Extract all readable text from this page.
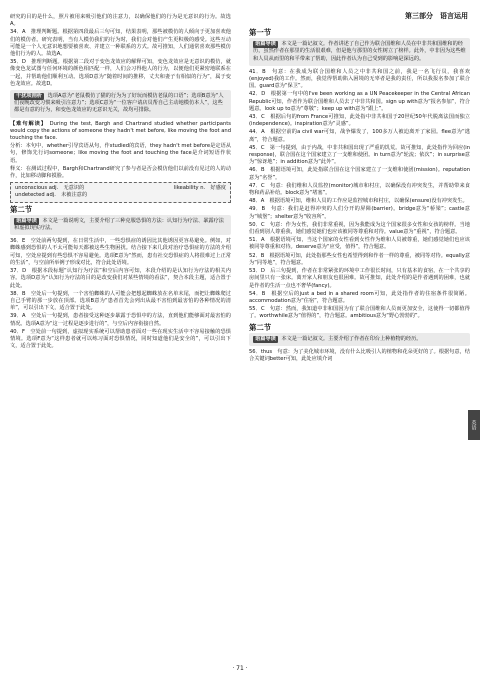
第三部分　语言运用

研究的目的是什么，照片被用来吸引他们的注意力，以确保他们的行为是无意识的行为。故选A。

34．A　推理判断题。根据第四段最后三句可知，结果表明，那些被模仿的人倾向于更加喜欢他们的模仿者。研究表明，当有人模仿我们的行为时，我们会对他们产生更积极的感受。这些互动可能是一个人无意识地想要被喜欢、并建立一种联系的方式。故可推知，人们通常喜欢那些模仿他们行为的人。故选A。

35．D　推理判断题。根据第二段对于变色龙效应的解释可知，变色龙效应是无意识的模仿，就像变色龙试图与任何环境的颜色相匹配一样，人们会习得他人的行为，以便他们更紧密地联系在一起，并帮助他们顺利互动。选项D意为“随着时间的推移，丈夫和妻子有相似的行为”，属于变色龙效应。故选D。

干扰项剖析 选项A意为“老鼠模仿了猫的行为为了好玩而模仿老鼠的口语”；选项B意为“人们夜晚改变习惯来吸引注意力”；选项C意为“一位客户请店员帮自己主动地模仿本人”，这些都是有意的行为，和变色龙效应的无意识无关，故均可排除。

【难句解读】 During the test, Bargh and Chartrand studied whether participants would copy the actions of someone they hadn't met before, like moving the foot and touching the face.

分析：本句中，whether引导宾语从句，作studied的宾语，they hadn't met before是定语从句，修饰先行词someone；like moving the foot and touching the face是介词短语作状语。

释义：在测试过程中，Bargh和Chartrand研究了参与者是否会模仿他们以前没有见过的人的动作，比如移动脚和摸脸。

unconscious adj.　 无意识的	likeability n.　 好感度
undetected adj.　 未被注意的
第二节
语篇导读 本文是一篇说明文，主要介绍了三种克服恐惧的方法：认知行为疗法、暴露疗法和虚拟现实疗法。

36．E　空处前两句提到，在日常生活中，一些恐惧症的诱因比其他诱因更容易避免。例如，对蜘蛛感到恐惧的人不太可能每天都被这些生物困扰。结合接下来几段对治疗恐惧症的方法的介绍可知，空处应提到有些恐惧不容易避免。选项E意为“然而，患有社交恐惧症的人将很难过上正常的生活”，与空前所举例子形成对比，符合此处语境。

37．D　根据本段标题“认知行为疗法”和空后内容可知，本段介绍的是认知行为疗法的相关内容。选项D意为“认知行为疗法的目的是改变我们对某些情境的看法”，契合本段主题，适合置于此处。

38．B　空处后一句提到，一个害怕蜘蛛的人可能会把想起蜘蛛放在名单末尾，而把让蜘蛛爬过自己手臂的那一步放在顶部。选项B意为“患者首先会列出从最不害怕到最害怕的各种情况的清单”，可以引出下文，适合置于此处。

39．A　空处后一句提到，患者接受这种逐步暴露于恐惧中的方法，直到他们能够面对最害怕的情况。选项A意为“这一过程是逐步进行的”，与空后内容衔接自然。

40．F　空处前一句提到，虚拟现实系统可以帮助患者面对一些在现实生活中不容易接触的恐惧情境。选项F意为“这样患者就可以练习面对恐惧情况，同时知道他们是安全的”，可以引出下文，适合置于此处。

第一节
语篇导读 本文是一篇记叙文。作者讲述了自己作为联合国维和人员在中非共和国维和的经历，虽然作者在那里的生活很艰难，但是他与那里的女性树立了榜样。此外，中非因为这些维和人员从而里的和平带来了帮助，因此作者认为自己受到的影响是深远的。

41．B　句意：在我成为联合国维和人员之中非共和国之前，我是一名飞行员，我喜欢(enjoyed)我的工作。然而，我觉得帮助陷入困境的无辜者是我的责任，所以我报名参加了联合国。guard意为“保卫”。

42．D　根据第一句中的I've been working as a UN Peacekeeper in the Central African Republic可知，作者作为联合国维和人员去了中非共和国。sign up with意为“报名参加”，符合题意。look up to意为“尊敬”；keep up with意为“跟上”。

43．C　根据后句的from France可推知，此处指中非共和国于20世纪50年代脱离法国而独立(independence)。inspiration意为“灵感”。

44．A　根据空前的a civil war可知，战争爆发了，100多万人被迫离开了家园。flee意为“逃离”，符合题意。

45．C　第一句提到，由于内战，中非共和国出现了严重的饥荒。故可推知，此处指作为回应(in response)，联合国在这个国家建立了一支维和使团。in turn意为“轮流；依次”；in surprise意为“惊讶地”；in addition意为“此外”。

46．B　根据语境可知，此处指联合国在这个国家建立了一支维和使团(mission)。reputation意为“名誉”。

47．C　句意：我们维和人员监控(monitor)城市和村庄，以确保没有冲突发生，并帮助带来食物和药品补给。block意为“堵塞”。

48．A　根据语境可知，维和人员的工作应是监控城市和村庄，以确保(ensure)没有冲突发生。

49．B　句意：我们是赶得冲突的人们分开的屏障(barrier)。bridge意为“桥梁”；castle意为“城堡”；shelter意为“收容所”。

50．C　句意：作为女性，我们非常重视，因为我能成为这个国家很多女性和女孩的榜样。当地们看到别人尊重我，她们感觉她们也应该被同等尊重和对待。value意为“重视”，符合题意。

51．A　根据语境可知，当这个国家的女性看到女性作为维和人员被尊重，她们感觉她们也应该被同等尊重和对待。deserve意为“应受，值得”，符合题意。

52．B　根据语境可知，此处指那些女性也希望得到和作者一样的尊重，被同等对待。equally意为“同等地”，符合题意。

53．D　后三句提到，作者在非常紧张的环境中工作很长时间，只有基本的食宿，在一个共享的房间里只有一张床。离开家人和朋友也很困难。故可推知，此处介绍的是作者遇到的困难，也就是作者的生活一点也不奢华(fancy)。

54．B　根据空后的just a bed in a shared room可知，此处指作者的住宿条件很简陋。accommodation意为“住宿”，符合题意。

55．C　句意：然而，我知道中非和国因为有了联合国维和人员而更加安全，这使得一切都值得了。worthwhile意为“值得的”，符合题意。ambitious意为“野心勃勃的”。

第二节
语篇导读 本文是一篇记叙文。主要介绍了作者在印台上种植物的经历。

56．thus　句意：为了美化城市环境，没有什么比吸引人的植物和花朵更好的了。根据句意，结合关键词better可知，此处应填介词

英语
· 71 ·
